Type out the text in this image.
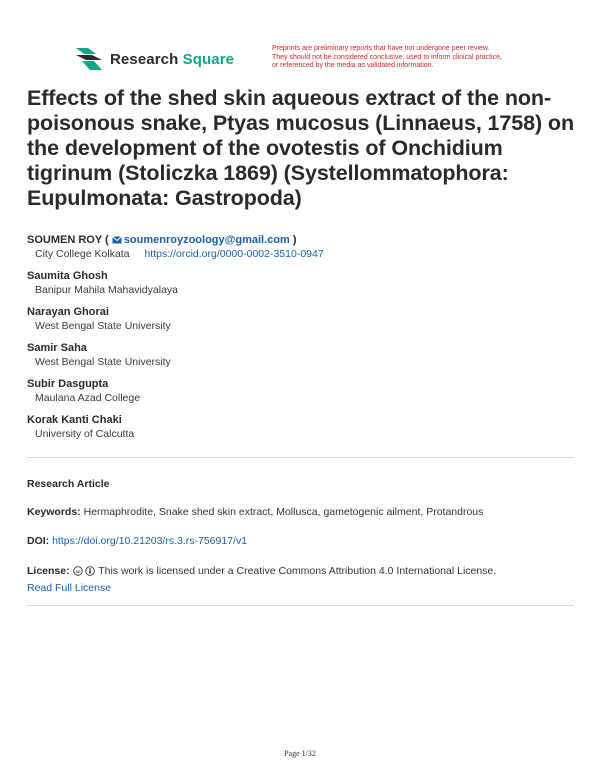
Research Square
Preprints are preliminary reports that have not undergone peer review.
They should not be considered conclusive, used to inform clinical practice,
or referenced by the media as validated information.
Effects of the shed skin aqueous extract of the non-poisonous snake, Ptyas mucosus (Linnaeus, 1758) on the development of the ovotestis of Onchidium tigrinum (Stoliczka 1869) (Systellommatophora: Eupulmonata: Gastropoda)
SOUMEN ROY ( soumenroyzoology@gmail.com )
City College Kolkata https://orcid.org/0000-0002-3510-0947
Saumita Ghosh
Banipur Mahila Mahavidyalaya
Narayan Ghorai
West Bengal State University
Samir Saha
West Bengal State University
Subir Dasgupta
Maulana Azad College
Korak Kanti Chaki
University of Calcutta
Research Article
Keywords: Hermaphrodite, Snake shed skin extract, Mollusca, gametogenic ailment, Protandrous
DOI: https://doi.org/10.21203/rs.3.rs-756917/v1
License: cc This work is licensed under a Creative Commons Attribution 4.0 International License.
Read Full License
Page 1/32
